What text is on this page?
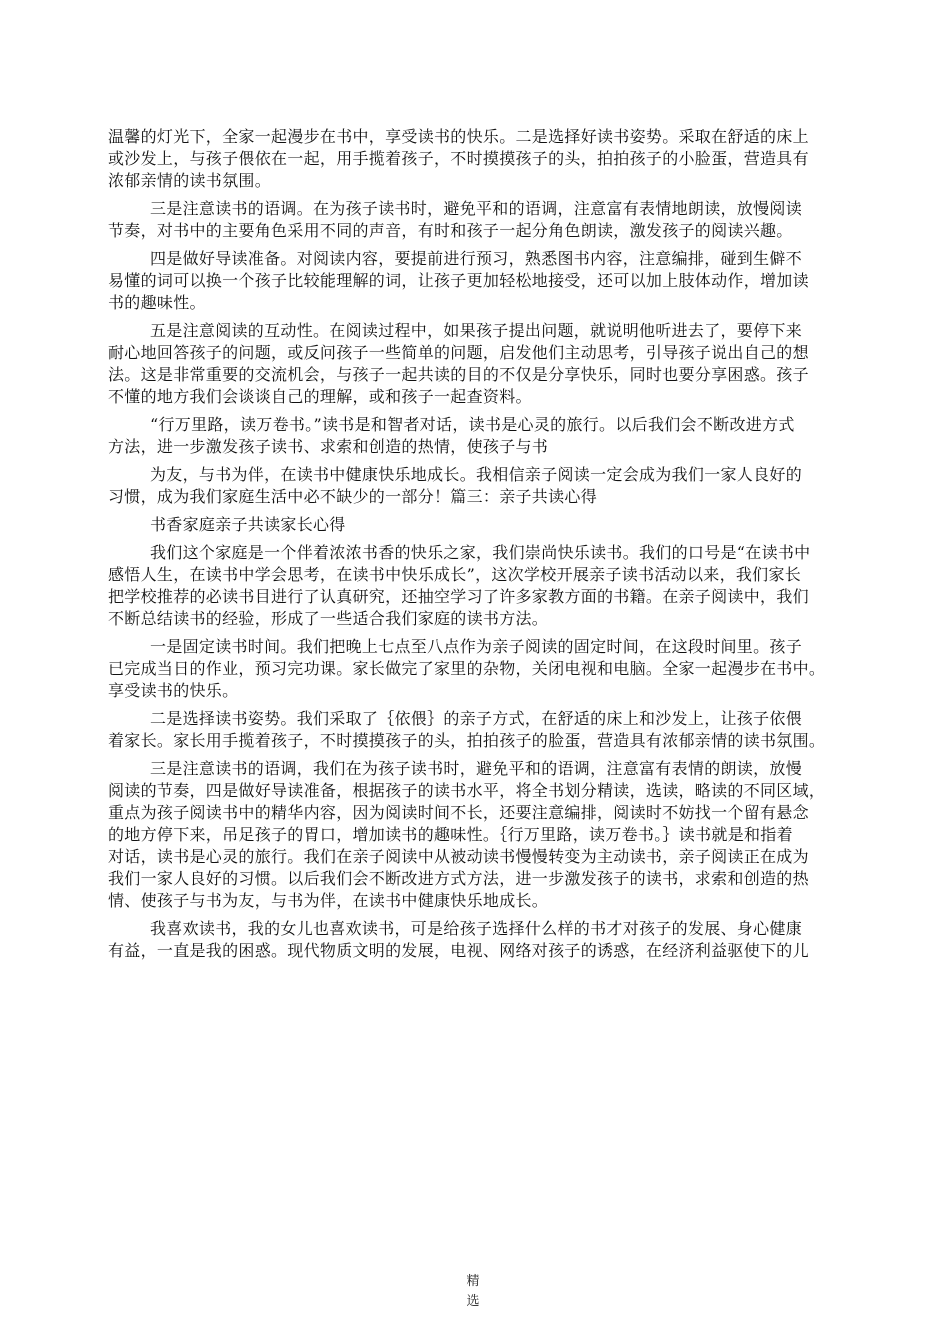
温馨的灯光下，全家一起漫步在书中，享受读书的快乐。二是选择好读书姿势。采取在舒适的床上
或沙发上，与孩子偎依在一起，用手揽着孩子，不时摸摸孩子的头，拍拍孩子的小脸蛋，营造具有
浓郁亲情的读书氛围。
三是注意读书的语调。在为孩子读书时，避免平和的语调，注意富有表情地朗读，放慢阅读
节奏，对书中的主要角色采用不同的声音，有时和孩子一起分角色朗读，激发孩子的阅读兴趣。
四是做好导读准备。对阅读内容，要提前进行预习，熟悉图书内容，注意编排，碰到生僻不
易懂的词可以换一个孩子比较能理解的词，让孩子更加轻松地接受，还可以加上肢体动作，增加读
书的趣味性。
五是注意阅读的互动性。在阅读过程中，如果孩子提出问题，就说明他听进去了，要停下来
耐心地回答孩子的问题，或反问孩子一些简单的问题，启发他们主动思考，引导孩子说出自己的想
法。这是非常重要的交流机会，与孩子一起共读的目的不仅是分享快乐，同时也要分享困惑。孩子
不懂的地方我们会谈谈自己的理解，或和孩子一起查资料。
“行万里路，读万卷书。”读书是和智者对话，读书是心灵的旅行。以后我们会不断改进方式
方法，进一步激发孩子读书、求索和创造的热情，使孩子与书
为友，与书为伴，在读书中健康快乐地成长。我相信亲子阅读一定会成为我们一家人良好的
习惯，成为我们家庭生活中必不缺少的一部分！篇三：亲子共读心得
书香家庭亲子共读家长心得
我们这个家庭是一个伴着浓浓书香的快乐之家，我们崇尚快乐读书。我们的口号是“在读书中
感悟人生，在读书中学会思考，在读书中快乐成长”，这次学校开展亲子读书活动以来，我们家长
把学校推荐的必读书目进行了认真研究，还抽空学习了许多家教方面的书籍。在亲子阅读中，我们
不断总结读书的经验，形成了一些适合我们家庭的读书方法。
一是固定读书时间。我们把晚上七点至八点作为亲子阅读的固定时间，在这段时间里。孩子
已完成当日的作业，预习完功课。家长做完了家里的杂物，关闭电视和电脑。全家一起漫步在书中。
享受读书的快乐。
二是选择读书姿势。我们采取了｛依偎｝的亲子方式，在舒适的床上和沙发上，让孩子依偎
着家长。家长用手揽着孩子，不时摸摸孩子的头，拍拍孩子的脸蛋，营造具有浓郁亲情的读书氛围。
三是注意读书的语调，我们在为孩子读书时，避免平和的语调，注意富有表情的朗读，放慢
阅读的节奏，四是做好导读准备，根据孩子的读书水平，将全书划分精读，选读，略读的不同区域，
重点为孩子阅读书中的精华内容，因为阅读时间不长，还要注意编排，阅读时不妨找一个留有悬念
的地方停下来，吊足孩子的胃口，增加读书的趣味性。｛行万里路，读万卷书。｝读书就是和指着
对话，读书是心灵的旅行。我们在亲子阅读中从被动读书慢慢转变为主动读书，亲子阅读正在成为
我们一家人良好的习惯。以后我们会不断改进方式方法，进一步激发孩子的读书，求索和创造的热
情、使孩子与书为友，与书为伴，在读书中健康快乐地成长。
我喜欢读书，我的女儿也喜欢读书，可是给孩子选择什么样的书才对孩子的发展、身心健康
有益，一直是我的困惑。现代物质文明的发展，电视、网络对孩子的诱惑，在经济利益驱使下的儿
精
选
